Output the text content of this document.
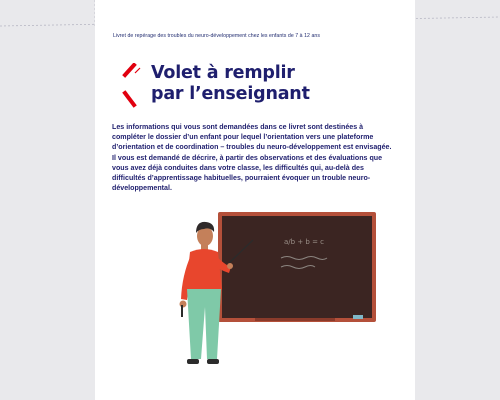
Livret de repérage des troubles du neuro-développement chez les enfants de 7 à 12 ans
Volet à remplir
par l’enseignant

Les informations qui vous sont demandées dans ce livret sont destinées à compléter le dossier d’un enfant pour lequel l’orientation vers une plateforme d’orientation et de coordination – troubles du neuro-développement est envisagée. Il vous est demandé de décrire, à partir des observations et des évaluations que vous avez déjà conduites dans votre classe, les difficultés qui, au-delà des difficultés d’apprentissage habituelles, pourraient évoquer un trouble neuro-développemental.

a/b + b = c
